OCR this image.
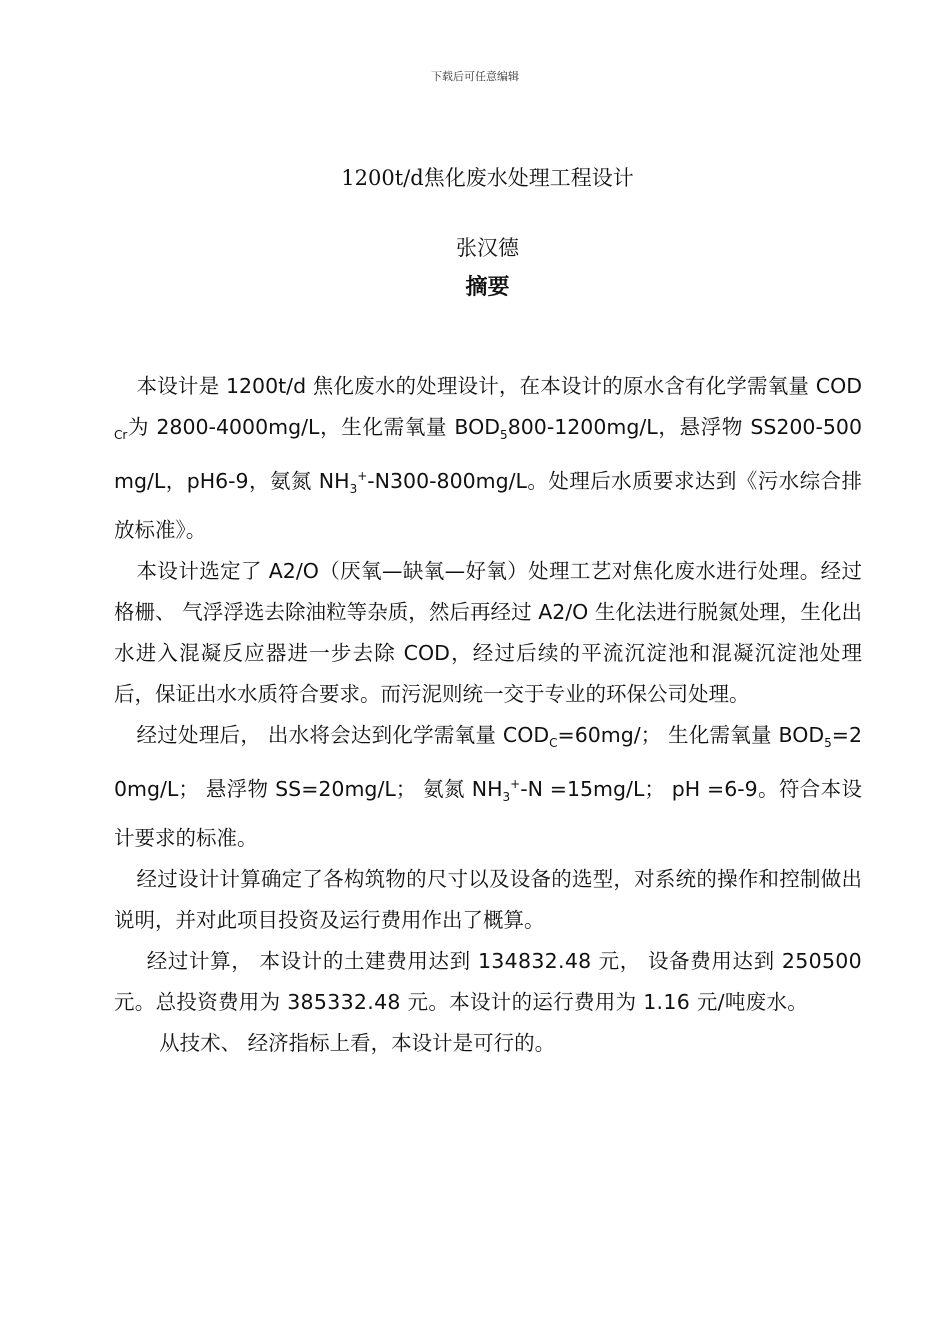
下载后可任意编辑
1200t/d焦化废水处理工程设计
张汉德
摘要

本设计是 1200t/d 焦化废水的处理设计，在本设计的原水含有化学需氧量 $COD_{Cr}$为 2800-4000mg/L，生化需氧量 $BOD_5800-1200mg/L$，悬浮物 SS200-500mg/L，pH6-9，氨氮 $NH_3^+-N300-800mg/L$。处理后水质要求达到《污水综合排放标准》。

本设计选定了 A2/O（厌氧—缺氧—好氧）处理工艺对焦化废水进行处理。经过格栅、 气浮浮选去除油粒等杂质，然后再经过 A2/O 生化法进行脱氮处理，生化出水进入混凝反应器进一步去除 COD，经过后续的平流沉淀池和混凝沉淀池处理后，保证出水水质符合要求。而污泥则统一交于专业的环保公司处理。

经过处理后， 出水将会达到化学需氧量 $COD_C=60mg/$； 生化需氧量 $BOD_5=20mg/L$； 悬浮物 SS=20mg/L； 氨氮 $NH_3^+-N =15mg/L$； pH =6-9。符合本设计要求的标准。

经过设计计算确定了各构筑物的尺寸以及设备的选型，对系统的操作和控制做出说明，并对此项目投资及运行费用作出了概算。

经过计算， 本设计的土建费用达到 134832.48 元， 设备费用达到 250500 元。总投资费用为 385332.48 元。本设计的运行费用为 1.16 元/吨废水。

从技术、 经济指标上看，本设计是可行的。
